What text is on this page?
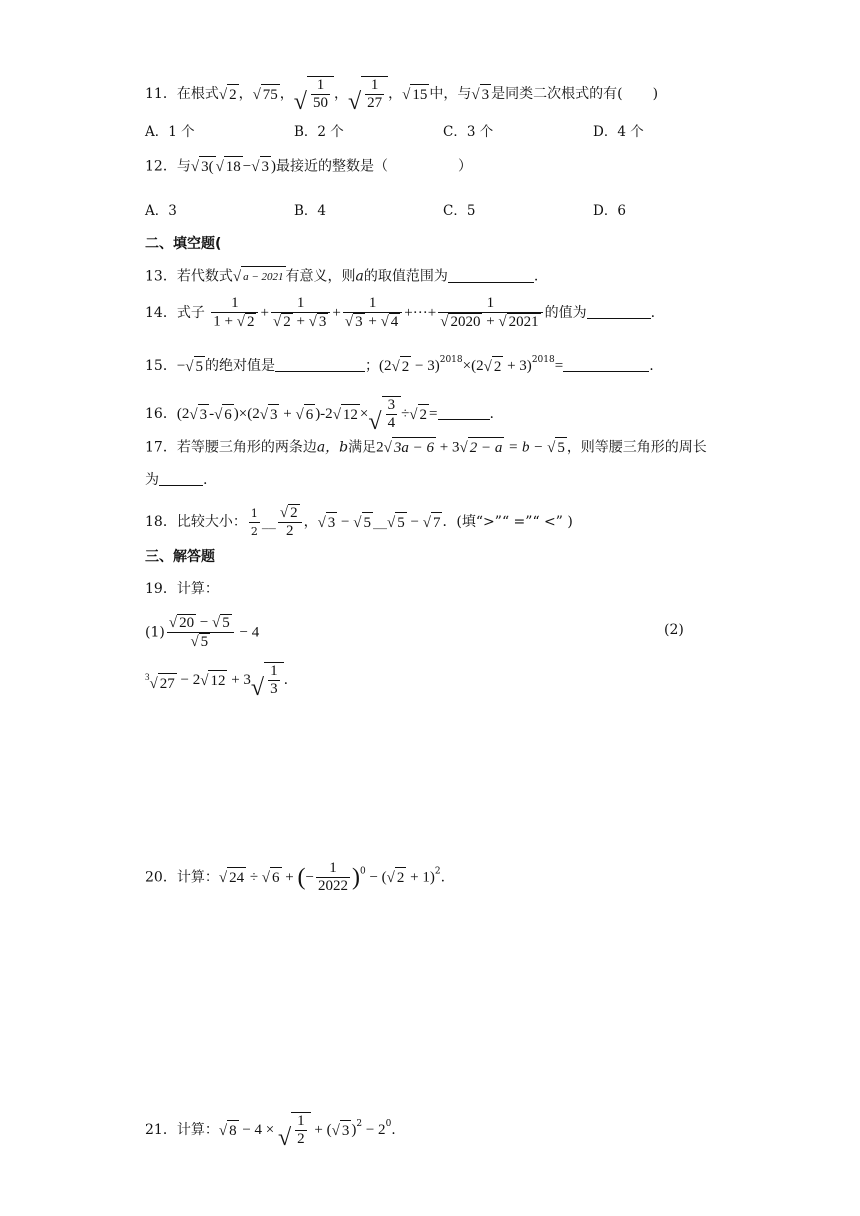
11．在根式√ 2 ，√ 75 ，√ $\frac{1}{50}$ ，√ $\frac{1}{27}$ ，√ 15 中，与√ 3 是同类二次根式的有( )
A．1 个	B．2 个	C．3 个	D．4 个
12．与√ 3( √ 18 −√ 3 )最接近的整数是（	）
A．3	B．4	C．5	D．6
二、填空题(
13．若代数式√ a − 2021 有意义，则a的取值范围为	.
14．式子 $\frac{1}{1 + √ 2} + \frac{1}{√ 2 + √ 3} + \frac{1}{√ 3 + √ 4}$ +···+ $\frac{1}{√ 2020 + √ 2021}$ 的值为	.
15．−√ 5 的绝对值是	；(2√ 2 − 3)$^{2018}$×(2√ 2 + 3)$^{2018}$=	.
16．(2√ 3 -√ 6 )×(2√ 3 + √ 6 )-2√ 12 ×√ $\frac{3}{4}$ ÷√ 2 =	.
17．若等腰三角形的两条边a，b满足2√ 3a − 6 + 3√ 2 − a = b − √ 5 ，则等腰三角形的周长
为	.
18．比较大小： $\frac{1}{2}$ __ $\frac{√ 2}{2}$ ，√ 3 − √ 5 __√ 5 − √ 7 ．(填“>”“ =”“ <” )
三、解答题
19．计算：
$(1) \frac{√ 20 - √ 5}{√ 5} - 4$	(2)
$^3$√ 27 − 2√ $12 + 3√ \frac{1}{3}$ .
20．计算：√ 24 ÷ √ 6 + (− $\frac{1}{2022} )^0$ − (√ 2 + 1)$^2$.
21．计算：√ 8 − 4 × √ $\frac{1}{2}$ + (√ 3 )$^2 - 2^0$.
